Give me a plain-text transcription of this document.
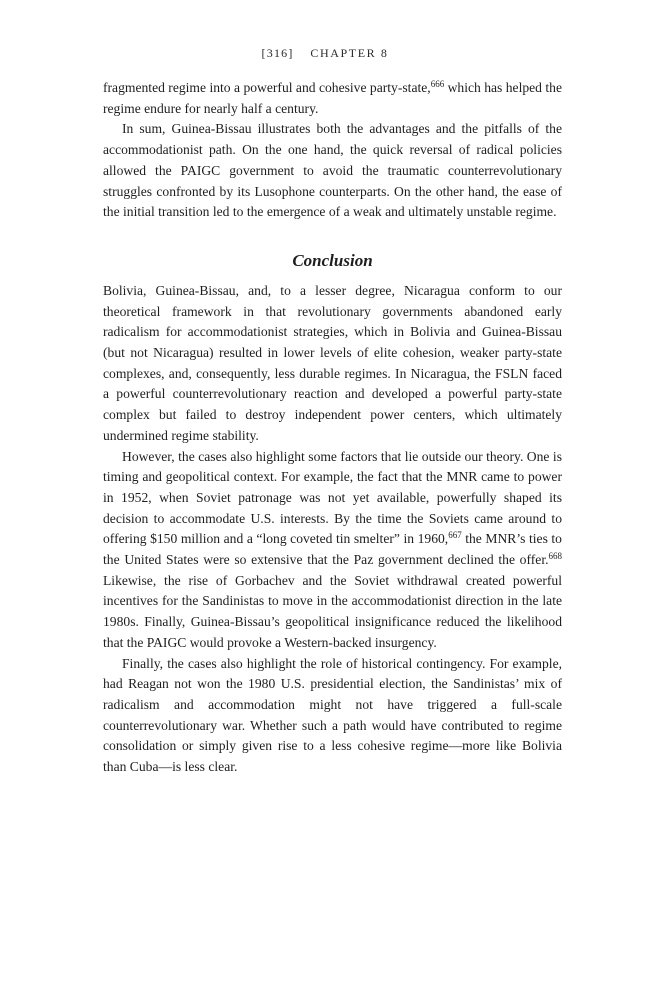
[316] CHAPTER 8

fragmented regime into a powerful and cohesive party-state,$^{666}$ which has helped the regime endure for nearly half a century.

In sum, Guinea-Bissau illustrates both the advantages and the pitfalls of the accommodationist path. On the one hand, the quick reversal of radical policies allowed the PAIGC government to avoid the traumatic counterrevolutionary struggles confronted by its Lusophone counterparts. On the other hand, the ease of the initial transition led to the emergence of a weak and ultimately unstable regime.

Conclusion

Bolivia, Guinea-Bissau, and, to a lesser degree, Nicaragua conform to our theoretical framework in that revolutionary governments abandoned early radicalism for accommodationist strategies, which in Bolivia and Guinea-Bissau (but not Nicaragua) resulted in lower levels of elite cohesion, weaker party-state complexes, and, consequently, less durable regimes. In Nicaragua, the FSLN faced a powerful counterrevolutionary reaction and developed a powerful party-state complex but failed to destroy independent power centers, which ultimately undermined regime stability.

However, the cases also highlight some factors that lie outside our theory. One is timing and geopolitical context. For example, the fact that the MNR came to power in 1952, when Soviet patronage was not yet available, powerfully shaped its decision to accommodate U.S. interests. By the time the Soviets came around to offering $150 million and a “long coveted tin smelter” in 1960,$^{667}$ the MNR’s ties to the United States were so extensive that the Paz government declined the offer.$^{668}$ Likewise, the rise of Gorbachev and the Soviet withdrawal created powerful incentives for the Sandinistas to move in the accommodationist direction in the late 1980s. Finally, Guinea-Bissau’s geopolitical insignificance reduced the likelihood that the PAIGC would provoke a Western-backed insurgency.

Finally, the cases also highlight the role of historical contingency. For example, had Reagan not won the 1980 U.S. presidential election, the Sandinistas’ mix of radicalism and accommodation might not have triggered a full-scale counterrevolutionary war. Whether such a path would have contributed to regime consolidation or simply given rise to a less cohesive regime—more like Bolivia than Cuba—is less clear.
